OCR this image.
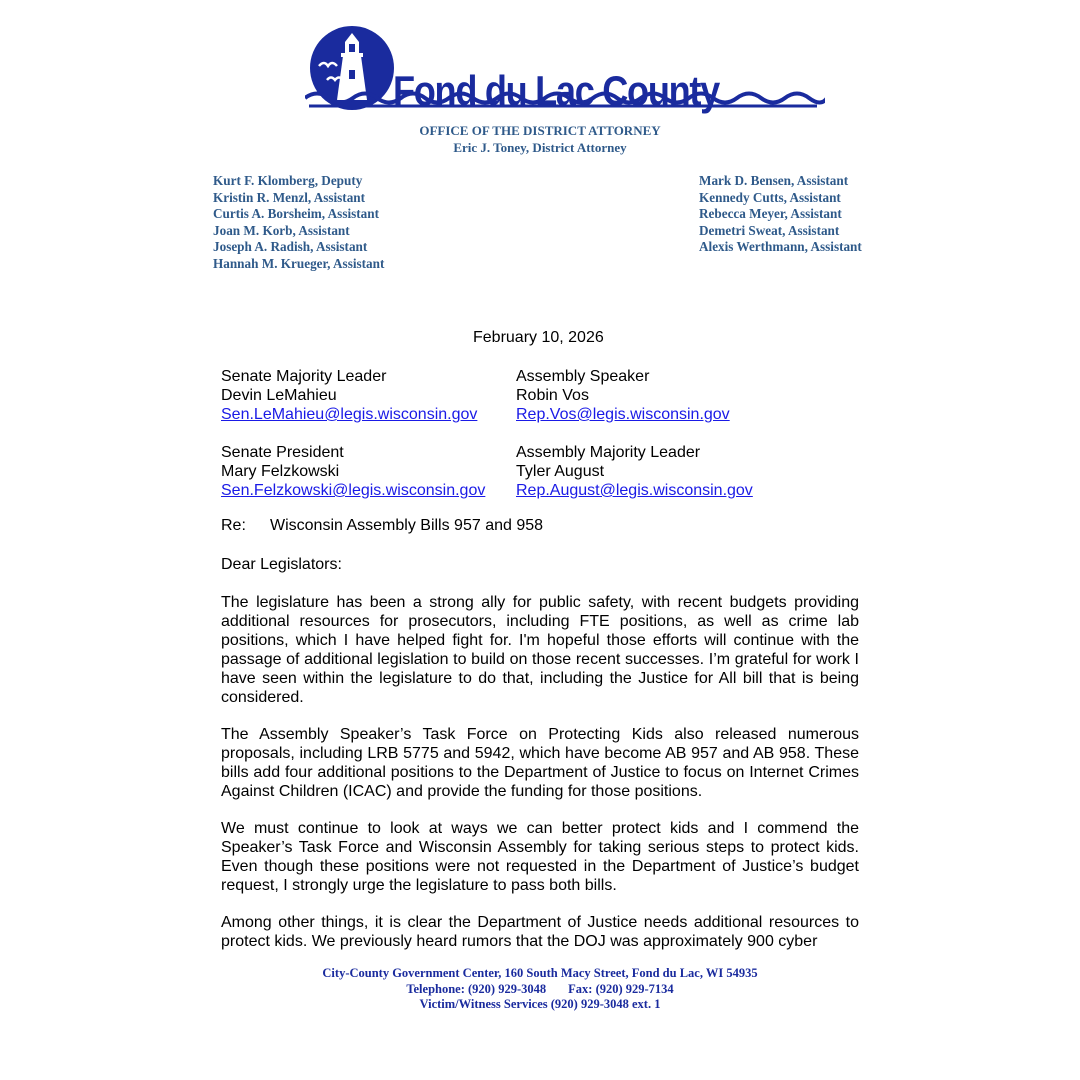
Fond du Lac County
OFFICE OF THE DISTRICT ATTORNEY
Eric J. Toney, District Attorney
Kurt F. Klomberg, Deputy
Kristin R. Menzl, Assistant
Curtis A. Borsheim, Assistant
Joan M. Korb, Assistant
Joseph A. Radish, Assistant
Hannah M. Krueger, Assistant
Mark D. Bensen, Assistant
Kennedy Cutts, Assistant
Rebecca Meyer, Assistant
Demetri Sweat, Assistant
Alexis Werthmann, Assistant
February 10, 2026
Senate Majority Leader
Devin LeMahieu
Sen.LeMahieu@legis.wisconsin.gov
Assembly Speaker
Robin Vos
Rep.Vos@legis.wisconsin.gov
Senate President
Mary Felzkowski
Sen.Felzkowski@legis.wisconsin.gov
Assembly Majority Leader
Tyler August
Rep.August@legis.wisconsin.gov
Re: Wisconsin Assembly Bills 957 and 958
Dear Legislators:

The legislature has been a strong ally for public safety, with recent budgets providing additional resources for prosecutors, including FTE positions, as well as crime lab positions, which I have helped fight for. I'm hopeful those efforts will continue with the passage of additional legislation to build on those recent successes. I’m grateful for work I have seen within the legislature to do that, including the Justice for All bill that is being considered.

The Assembly Speaker’s Task Force on Protecting Kids also released numerous proposals, including LRB 5775 and 5942, which have become AB 957 and AB 958. These bills add four additional positions to the Department of Justice to focus on Internet Crimes Against Children (ICAC) and provide the funding for those positions.

We must continue to look at ways we can better protect kids and I commend the Speaker’s Task Force and Wisconsin Assembly for taking serious steps to protect kids. Even though these positions were not requested in the Department of Justice’s budget request, I strongly urge the legislature to pass both bills.

Among other things, it is clear the Department of Justice needs additional resources to protect kids. We previously heard rumors that the DOJ was approximately 900 cyber

City-County Government Center, 160 South Macy Street, Fond du Lac, WI 54935
Telephone: (920) 929-3048 Fax: (920) 929-7134
Victim/Witness Services (920) 929-3048 ext. 1
